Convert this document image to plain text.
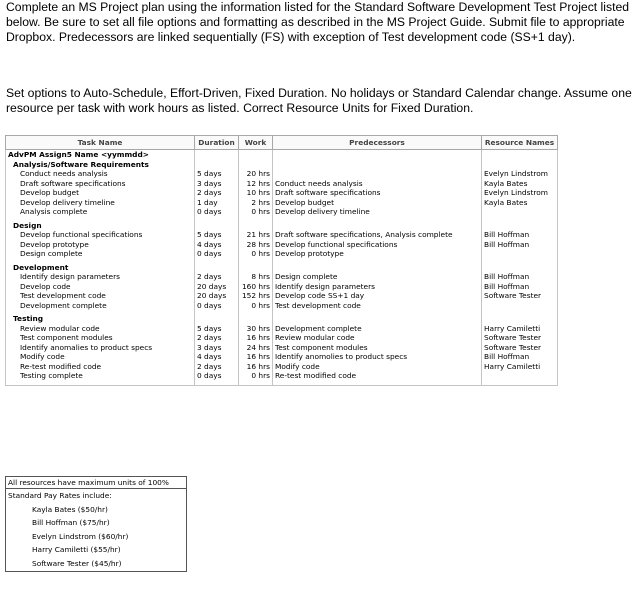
Complete an MS Project plan using the information listed for the Standard Software Development Test Project listed below. Be sure to set all file options and formatting as described in the MS Project Guide. Submit file to appropriate Dropbox. Predecessors are linked sequentially (FS) with exception of Test development code (SS+1 day).

Set options to Auto-Schedule, Effort-Driven, Fixed Duration. No holidays or Standard Calendar change. Assume one resource per task with work hours as listed. Correct Resource Units for Fixed Duration.

Task Name	Duration	Work	Predecessors	Resource Names
AdvPM Assign5 Name <yymmdd>				
Analysis/Software Requirements				
Conduct needs analysis	5 days	20 hrs		Evelyn Lindstrom
Draft software specifications	3 days	12 hrs	Conduct needs analysis	Kayla Bates
Develop budget	2 days	10 hrs	Draft software specifications	Evelyn Lindstrom
Develop delivery timeline	1 day	2 hrs	Develop budget	Kayla Bates
Analysis complete	0 days	0 hrs	Develop delivery timeline	

Design				
Develop functional specifications	5 days	21 hrs	Draft software specifications, Analysis complete	Bill Hoffman
Develop prototype	4 days	28 hrs	Develop functional specifications	Bill Hoffman
Design complete	0 days	0 hrs	Develop prototype	

Development				
Identify design parameters	2 days	8 hrs	Design complete	Bill Hoffman
Develop code	20 days	160 hrs	Identify design parameters	Bill Hoffman
Test development code	20 days	152 hrs	Develop code SS+1 day	Software Tester
Development complete	0 days	0 hrs	Test development code	

Testing				
Review modular code	5 days	30 hrs	Development complete	Harry Camiletti
Test component modules	2 days	16 hrs	Review modular code	Software Tester
Identify anomalies to product specs	3 days	24 hrs	Test component modules	Software Tester
Modify code	4 days	16 hrs	Identify anomolies to product specs	Bill Hoffman
Re-test modified code	2 days	16 hrs	Modify code	Harry Camiletti
Testing complete	0 days	0 hrs	Re-test modified code	

All resources have maximum units of 100%
Standard Pay Rates include:
Kayla Bates ($50/hr)
Bill Hoffman ($75/hr)
Evelyn Lindstrom ($60/hr)
Harry Camiletti ($55/hr)
Software Tester ($45/hr)
